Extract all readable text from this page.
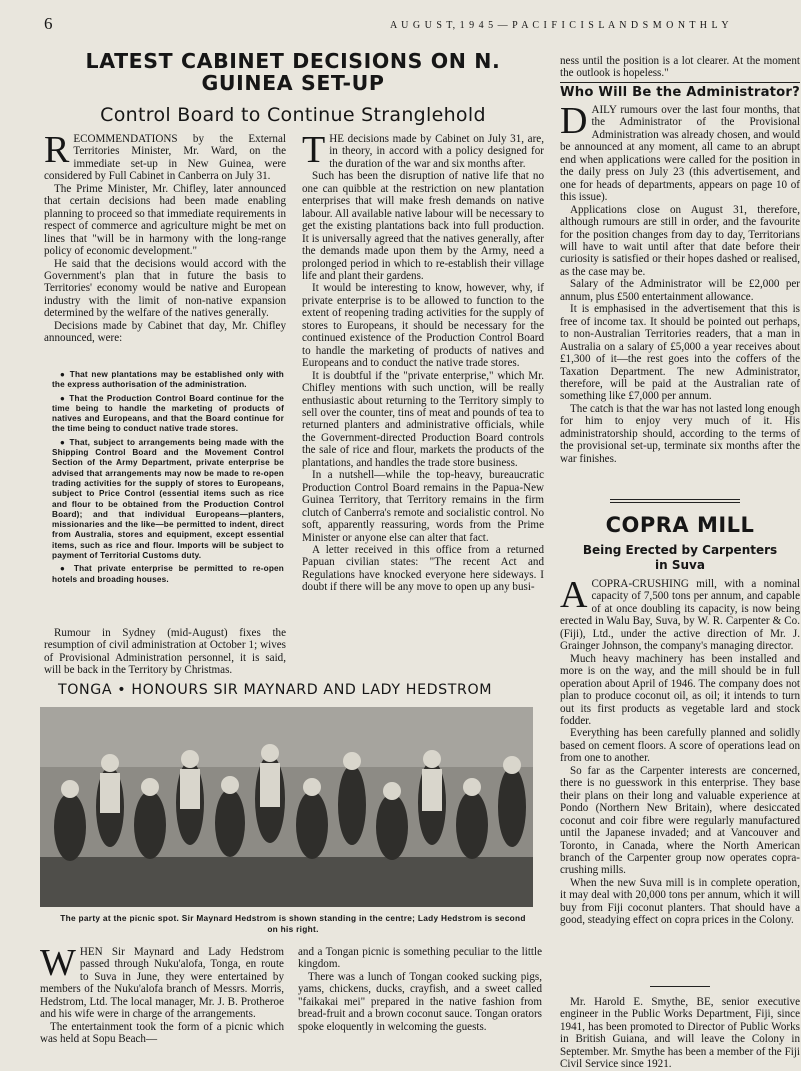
6	A U G U S T, 1 9 4 5 — P A C I F I C I S L A N D S M O N T H L Y
LATEST CABINET DECISIONS ON N. GUINEA SET-UP
Control Board to Continue Stranglehold
R ECOMMENDATIONS by the External Territories Minister, Mr. Ward, on the immediate set-up in New Guinea, were considered by Full Cabinet in Canberra on July 31.

The Prime Minister, Mr. Chifley, later announced that certain decisions had been made enabling planning to proceed so that immediate requirements in respect of commerce and agriculture might be met on lines that "will be in harmony with the long-range policy of economic development."

He said that the decisions would accord with the Government's plan that in future the basis to Territories' economy would be native and European industry with the limit of non-native expansion determined by the welfare of the natives generally.

Decisions made by Cabinet that day, Mr. Chifley announced, were:

● That new plantations may be established only with the express authorisation of the administration.

● That the Production Control Board continue for the time being to handle the marketing of products of natives and Europeans, and that the Board continue for the time being to conduct native trade stores.

● That, subject to arrangements being made with the Shipping Control Board and the Movement Control Section of the Army Department, private enterprise be advised that arrangements may now be made to re-open trading activities for the supply of stores to Europeans, subject to Price Control (essential items such as rice and flour to be obtained from the Production Control Board); and that individual Europeans—planters, missionaries and the like—be permitted to indent, direct from Australia, stores and equipment, except essential items, such as rice and flour. Imports will be subject to payment of Territorial Customs duty.

● That private enterprise be permitted to re-open hotels and broading houses.

Rumour in Sydney (mid-August) fixes the resumption of civil administration at October 1; wives of Provisional Administration personnel, it is said, will be back in the Territory by Christmas.

T HE decisions made by Cabinet on July 31, are, in theory, in accord with a policy designed for the duration of the war and six months after.

Such has been the disruption of native life that no one can quibble at the restriction on new plantation enterprises that will make fresh demands on native labour. All available native labour will be necessary to get the existing plantations back into full production. It is universally agreed that the natives generally, after the demands made upon them by the Army, need a prolonged period in which to re-establish their village life and plant their gardens.

It would be interesting to know, however, why, if private enterprise is to be allowed to function to the extent of reopening trading activities for the supply of stores to Europeans, it should be necessary for the continued existence of the Production Control Board to handle the marketing of products of natives and Europeans and to conduct the native trade stores.

It is doubtful if the "private enterprise," which Mr. Chifley mentions with such unction, will be really enthusiastic about returning to the Territory simply to sell over the counter, tins of meat and pounds of tea to returned planters and administrative officials, while the Government-directed Production Board controls the sale of rice and flour, markets the products of the plantations, and handles the trade store business.

In a nutshell—while the top-heavy, bureaucratic Production Control Board remains in the Papua-New Guinea Territory, that Territory remains in the firm clutch of Canberra's remote and socialistic control. No soft, apparently reassuring, words from the Prime Minister or anyone else can alter that fact.

A letter received in this office from a returned Papuan civilian states: "The recent Act and Regulations have knocked everyone here sideways. I doubt if there will be any move to open up any busi-

ness until the position is a lot clearer. At the moment the outlook is hopeless."

Who Will Be the Administrator?
D AILY rumours over the last four months, that the Administrator of the Provisional Administration was already chosen, and would be announced at any moment, all came to an abrupt end when applications were called for the position in the daily press on July 23 (this advertisement, and one for heads of departments, appears on page 10 of this issue).

Applications close on August 31, therefore, although rumours are still in order, and the favourite for the position changes from day to day, Territorians will have to wait until after that date before their curiosity is satisfied or their hopes dashed or realised, as the case may be.

Salary of the Administrator will be £2,000 per annum, plus £500 entertainment allowance.

It is emphasised in the advertisement that this is free of income tax. It should be pointed out perhaps, to non-Australian Territories readers, that a man in Australia on a salary of £5,000 a year receives about £1,300 of it—the rest goes into the coffers of the Taxation Department. The new Administrator, therefore, will be paid at the Australian rate of something like £7,000 per annum.

The catch is that the war has not lasted long enough for him to enjoy very much of it. His administratorship should, according to the terms of the provisional set-up, terminate six months after the war finishes.

COPRA MILL
Being Erected by Carpenters
in Suva
A COPRA-CRUSHING mill, with a nominal capacity of 7,500 tons per annum, and capable of at once doubling its capacity, is now being erected in Walu Bay, Suva, by W. R. Carpenter & Co. (Fiji), Ltd., under the active direction of Mr. J. Grainger Johnson, the company's managing director.

Much heavy machinery has been installed and more is on the way, and the mill should be in full operation about April of 1946. The company does not plan to produce coconut oil, as oil; it intends to turn out its first products as vegetable lard and stock fodder.

Everything has been carefully planned and solidly based on cement floors. A score of operations lead on from one to another.

So far as the Carpenter interests are concerned, there is no guesswork in this enterprise. They base their plans on their long and valuable experience at Pondo (Northern New Britain), where desiccated coconut and coir fibre were regularly manufactured until the Japanese invaded; and at Vancouver and Toronto, in Canada, where the North American branch of the Carpenter group now operates copra-crushing mills.

When the new Suva mill is in complete operation, it may deal with 20,000 tons per annum, which it will buy from Fiji coconut planters. That should have a good, steadying effect on copra prices in the Colony.

Mr. Harold E. Smythe, BE, senior executive engineer in the Public Works Department, Fiji, since 1941, has been promoted to Director of Public Works in British Guiana, and will leave the Colony in September. Mr. Smythe has been a member of the Fiji Civil Service since 1921.

TONGA • HONOURS SIR MAYNARD AND LADY HEDSTROM
The party at the picnic spot. Sir Maynard Hedstrom is shown standing in the centre; Lady Hedstrom is second on his right.
W HEN Sir Maynard and Lady Hedstrom passed through Nuku'alofa, Tonga, en route to Suva in June, they were entertained by members of the Nuku'alofa branch of Messrs. Morris, Hedstrom, Ltd. The local manager, Mr. J. B. Protheroe and his wife were in charge of the arrangements.

The entertainment took the form of a picnic which was held at Sopu Beach—

and a Tongan picnic is something peculiar to the little kingdom.

There was a lunch of Tongan cooked sucking pigs, yams, chickens, ducks, crayfish, and a sweet called "faikakai mei" prepared in the native fashion from bread-fruit and a brown coconut sauce. Tongan orators spoke eloquently in welcoming the guests.
